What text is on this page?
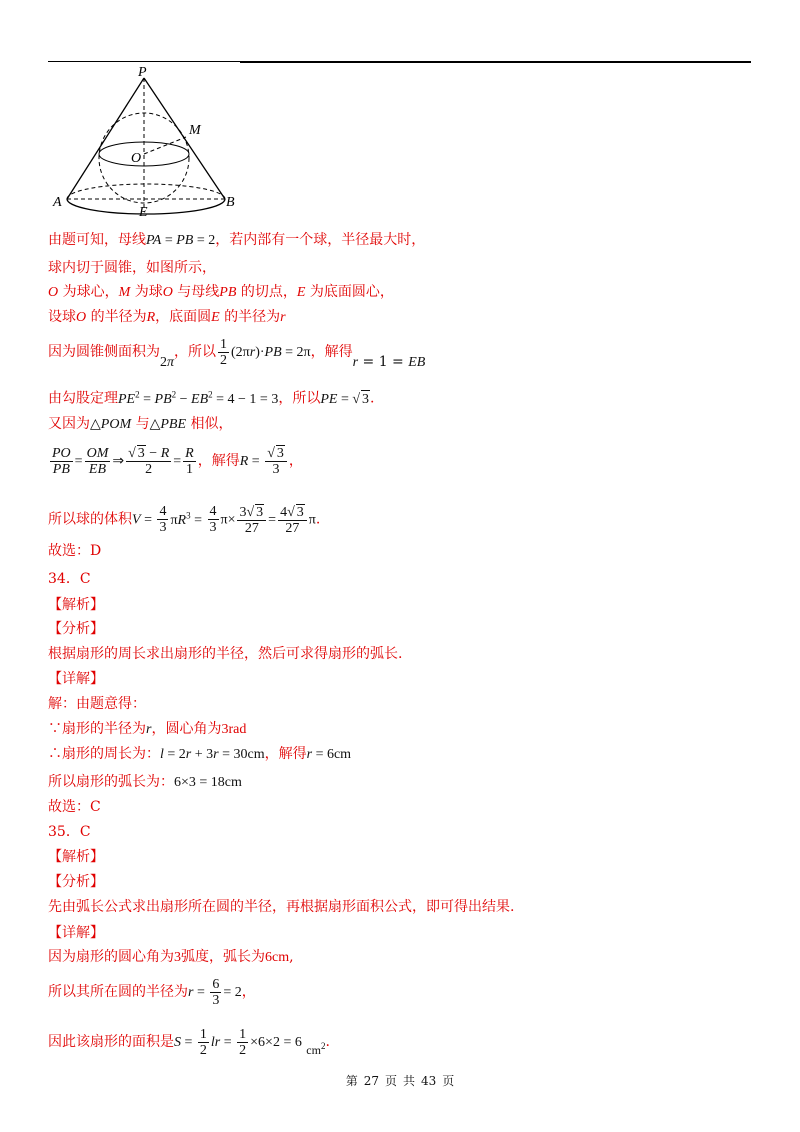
P
M
O
A
E
B
由题可知，母线PA = PB = 2，若内部有一个球，半径最大时，
球内切于圆锥，如图所示，
O 为球心，M 为球O 与母线PB 的切点，E 为底面圆心，
设球O 的半径为R，底面圆E 的半径为r
因为圆锥侧面积为2π，所以 $\frac{1}{2} (2\pi r)\cdot PB = 2\pi$，解得r = 1 = EB
由勾股定理$PE^2 = PB^2 - EB^2 = 4 - 1 = 3$，所以PE = √ 3.
又因为△POM 与△PBE 相似，
$\frac{PO}{PB} = \frac{OM}{EB}$ ⇒ $\frac{√ 3 - R}{2} = \frac{R}{1}$ ，解得$R = \frac{√ 3}{3}$ ，
所以球的体积$V = \frac{4}{3} \pi R^3 = \frac{4}{3} \pi\times \frac{3√ 3}{27} = \frac{4√ 3}{27} \pi$.
故选：D
34．C
【解析】
【分析】
根据扇形的周长求出扇形的半径，然后可求得扇形的弧长.
【详解】
解：由题意得：
∵扇形的半径为r，圆心角为3rad
∴扇形的周长为：l = 2r + 3r = 30cm，解得r = 6cm
所以扇形的弧长为：6×3 = 18cm
故选：C
35．C
【解析】
【分析】
先由弧长公式求出扇形所在圆的半径，再根据扇形面积公式，即可得出结果.
【详解】
因为扇形的圆心角为3弧度，弧长为6cm,
所以其所在圆的半径为$r = \frac{6}{3} = 2$，
因此该扇形的面积是$S = \frac{1}{2}$ lr = $\frac{1}{2} \times 6\times 2 = 6$ $cm^2$.
第 27 页 共 43 页
